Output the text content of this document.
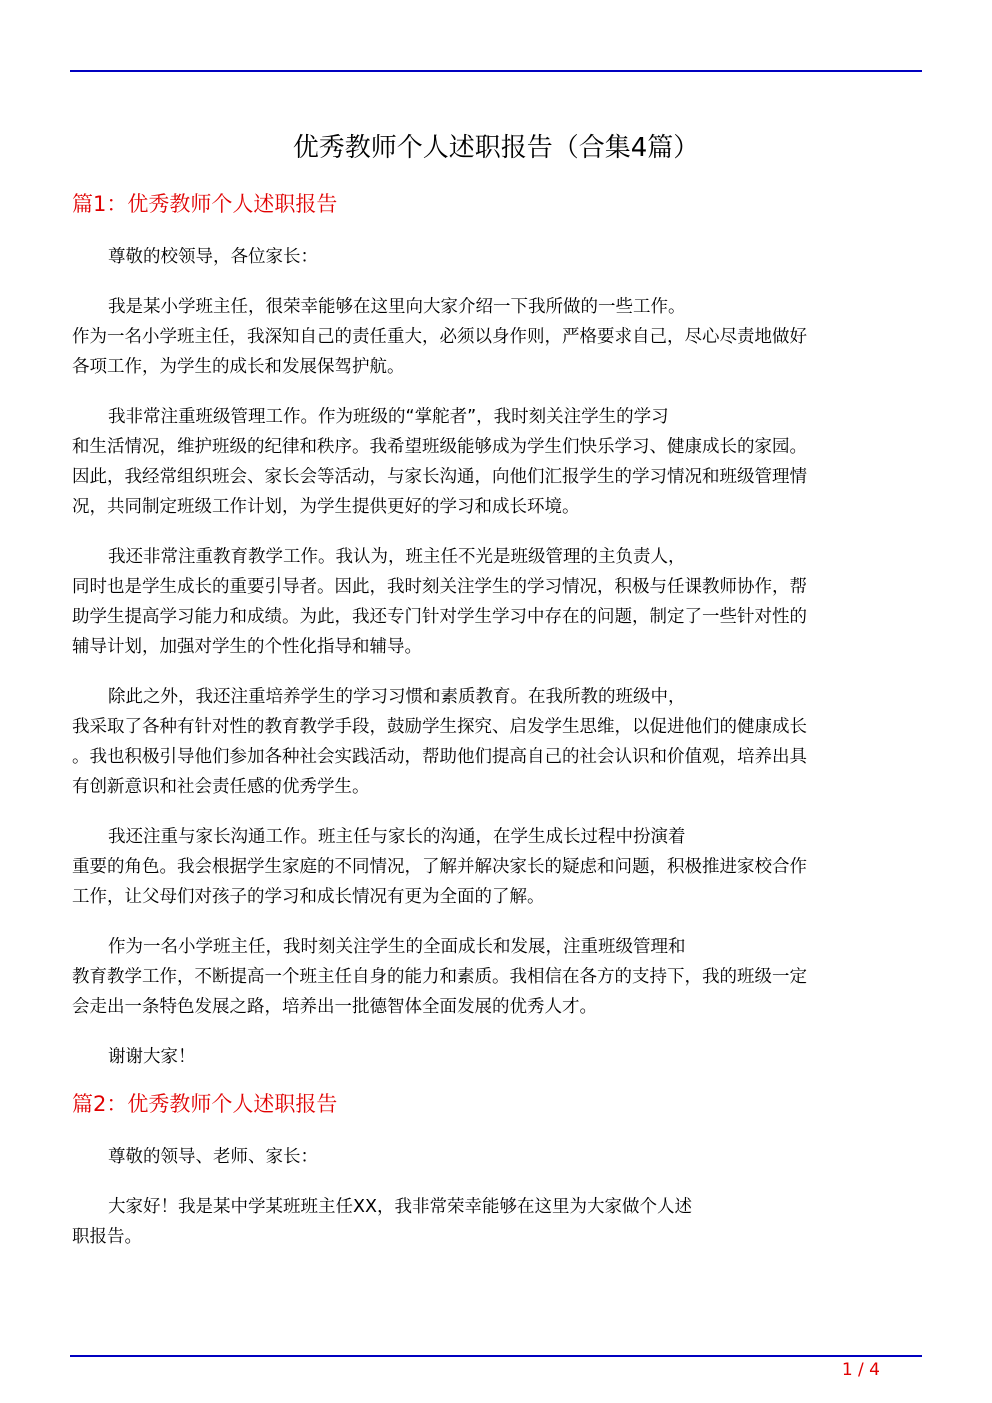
优秀教师个人述职报告（合集4篇）
篇1：优秀教师个人述职报告
尊敬的校领导，各位家长：
我是某小学班主任，很荣幸能够在这里向大家介绍一下我所做的一些工作。
作为一名小学班主任，我深知自己的责任重大，必须以身作则，严格要求自己，尽心尽责地做好
各项工作，为学生的成长和发展保驾护航。
我非常注重班级管理工作。作为班级的“掌舵者”，我时刻关注学生的学习
和生活情况，维护班级的纪律和秩序。我希望班级能够成为学生们快乐学习、健康成长的家园。
因此，我经常组织班会、家长会等活动，与家长沟通，向他们汇报学生的学习情况和班级管理情
况，共同制定班级工作计划，为学生提供更好的学习和成长环境。
我还非常注重教育教学工作。我认为，班主任不光是班级管理的主负责人，
同时也是学生成长的重要引导者。因此，我时刻关注学生的学习情况，积极与任课教师协作，帮
助学生提高学习能力和成绩。为此，我还专门针对学生学习中存在的问题，制定了一些针对性的
辅导计划，加强对学生的个性化指导和辅导。
除此之外，我还注重培养学生的学习习惯和素质教育。在我所教的班级中，
我采取了各种有针对性的教育教学手段，鼓励学生探究、启发学生思维，以促进他们的健康成长
。我也积极引导他们参加各种社会实践活动，帮助他们提高自己的社会认识和价值观，培养出具
有创新意识和社会责任感的优秀学生。
我还注重与家长沟通工作。班主任与家长的沟通，在学生成长过程中扮演着
重要的角色。我会根据学生家庭的不同情况，了解并解决家长的疑虑和问题，积极推进家校合作
工作，让父母们对孩子的学习和成长情况有更为全面的了解。
作为一名小学班主任，我时刻关注学生的全面成长和发展，注重班级管理和
教育教学工作，不断提高一个班主任自身的能力和素质。我相信在各方的支持下，我的班级一定
会走出一条特色发展之路，培养出一批德智体全面发展的优秀人才。
谢谢大家！
篇2：优秀教师个人述职报告
尊敬的领导、老师、家长：
大家好！我是某中学某班班主任XX，我非常荣幸能够在这里为大家做个人述
职报告。
1 / 4
